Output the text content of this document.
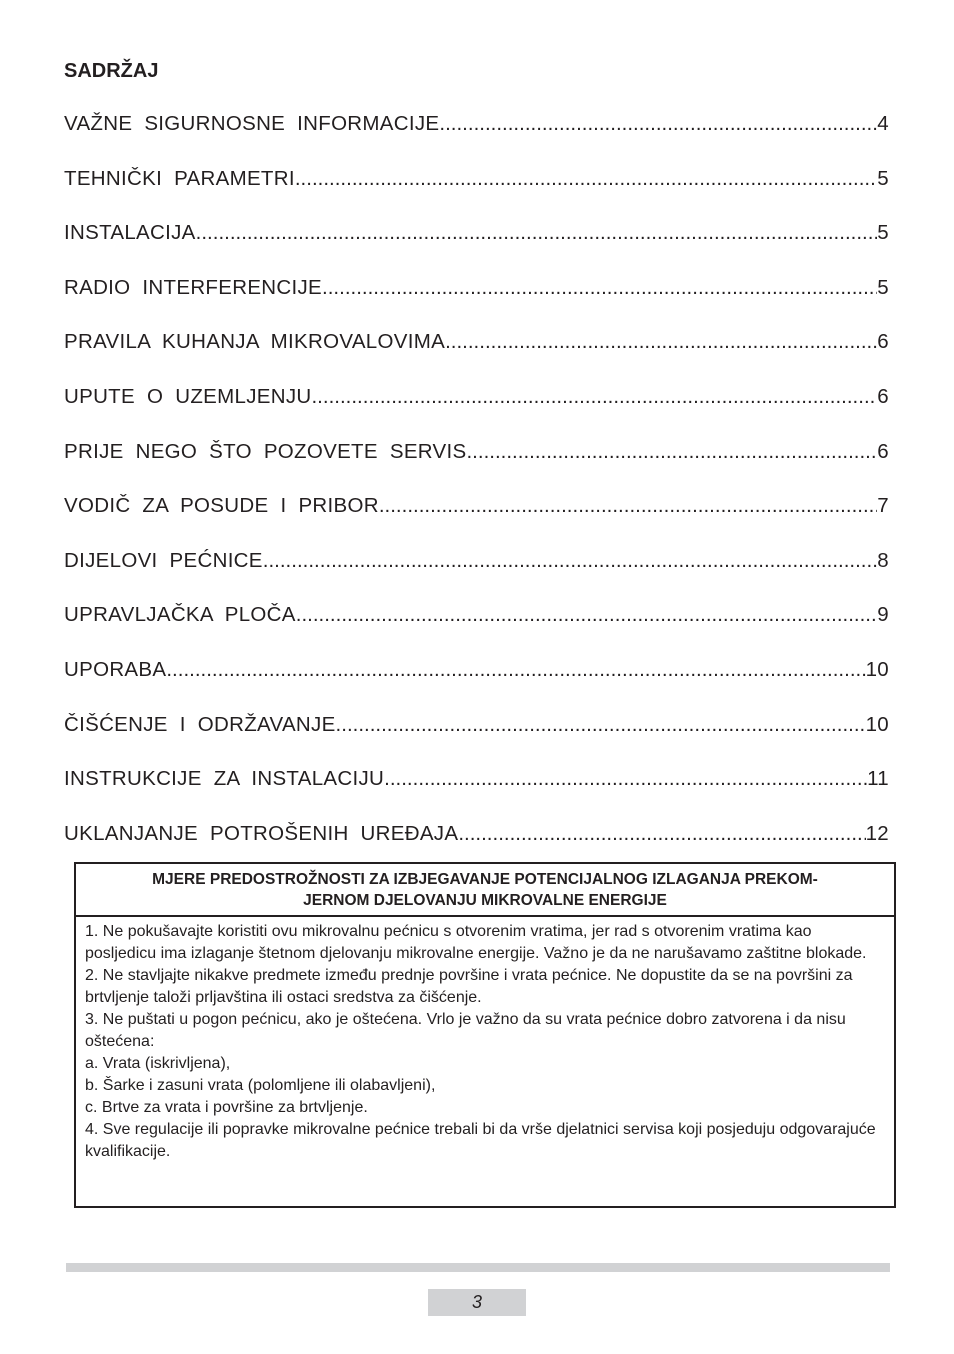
SADRŽAJ
VAŽNE SIGURNOSNE INFORMACIJE .....	4
TEHNIČKI PARAMETRI .....	5
INSTALACIJA .....	5
RADIO INTERFERENCIJE .....	5
PRAVILA KUHANJA MIKROVALOVIMA .....	6
UPUTE O UZEMLJENJU .....	6
PRIJE NEGO ŠTO POZOVETE SERVIS .....	6
VODIČ ZA POSUDE I PRIBOR .....	7
DIJELOVI PEĆNICE .....	8
UPRAVLJAČKA PLOČA .....	9
UPORABA .....	10
ČIŠĆENJE I ODRŽAVANJE .....	10
INSTRUKCIJE ZA INSTALACIJU .....	11
UKLANJANJE POTROŠENIH UREĐAJA .....	12
MJERE PREDOSTROŽNOSTI ZA IZBJEGAVANJE POTENCIJALNOG IZLAGANJA PREKOM-
JERNOM DJELOVANJU MIKROVALNE ENERGIJE

1. Ne pokušavajte koristiti ovu mikrovalnu pećnicu s otvorenim vratima, jer rad s otvorenim vratima kao posljedicu ima izlaganje štetnom djelovanju mikrovalne energije. Važno je da ne narušavamo zaštitne blokade.

2. Ne stavljajte nikakve predmete između prednje površine i vrata pećnice. Ne dopustite da se na površini za brtvljenje taloži prljavština ili ostaci sredstva za čišćenje.

3. Ne puštati u pogon pećnicu, ako je oštećena. Vrlo je važno da su vrata pećnice dobro zatvorena i da nisu oštećena:

a. Vrata (iskrivljena),

b. Šarke i zasuni vrata (polomljene ili olabavljeni),

c. Brtve za vrata i površine za brtvljenje.

4. Sve regulacije ili popravke mikrovalne pećnice trebali bi da vrše djelatnici servisa koji posjeduju odgovarajuće kvalifikacije.

3
